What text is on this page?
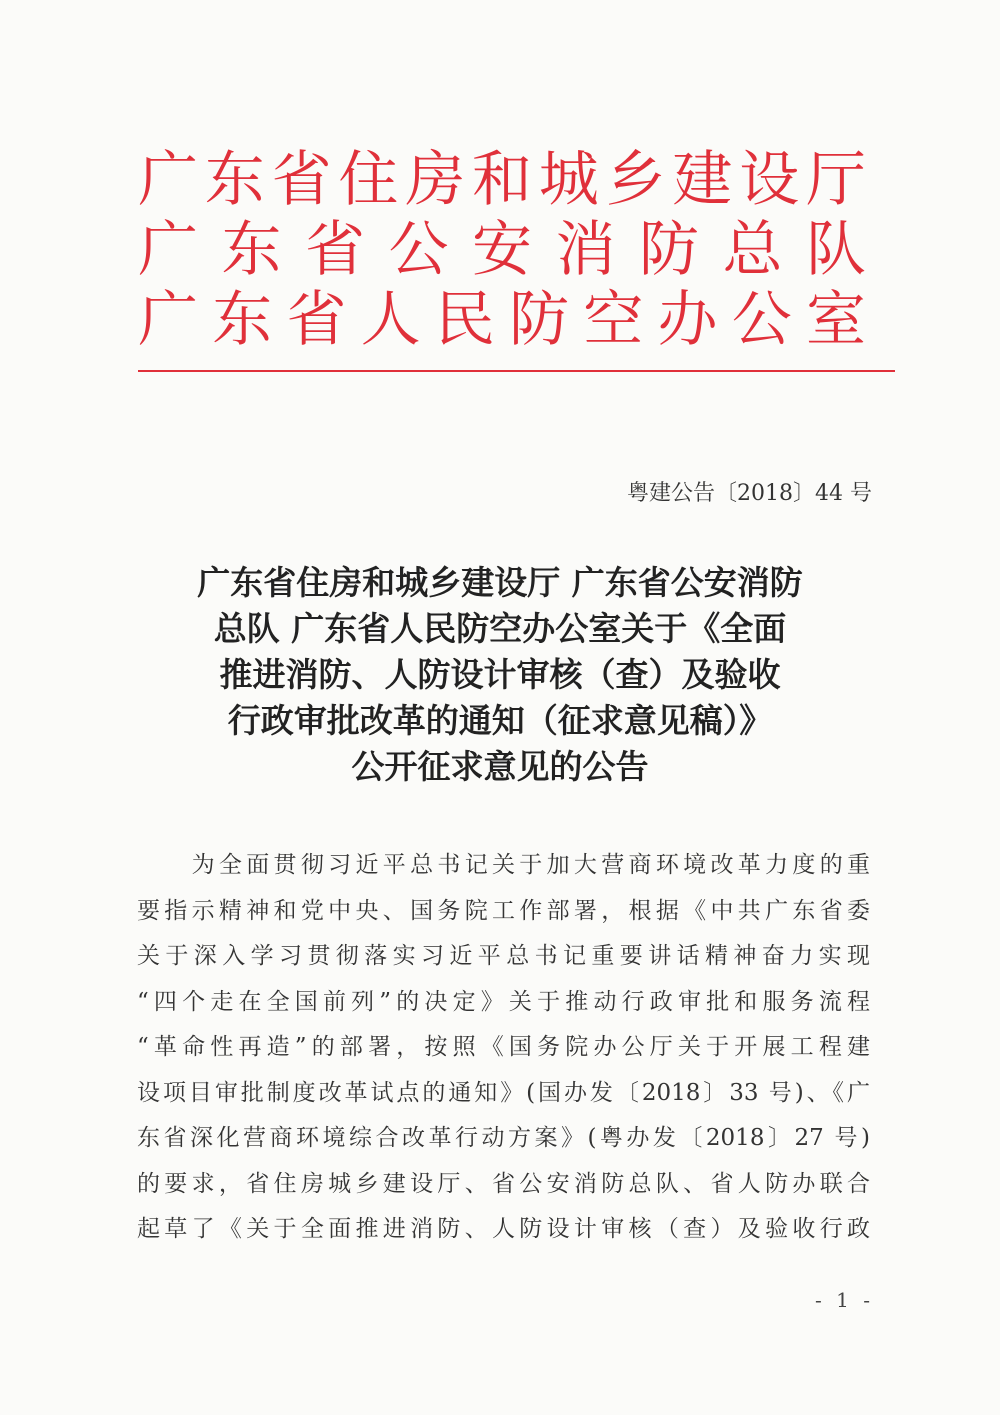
广东省住房和城乡建设厅
广东省公安消防总队
广东省人民防空办公室
粤建公告〔2018〕44 号
广东省住房和城乡建设厅 广东省公安消防
总队 广东省人民防空办公室关于《全面
推进消防、人防设计审核（查）及验收
行政审批改革的通知（征求意见稿）》
公开征求意见的公告
　　为全面贯彻习近平总书记关于加大营商环境改革力度的重
要指示精神和党中央、国务院工作部署，根据《中共广东省委
关于深入学习贯彻落实习近平总书记重要讲话精神奋力实现
“四个走在全国前列”的决定》关于推动行政审批和服务流程
“革命性再造”的部署，按照《国务院办公厅关于开展工程建
设项目审批制度改革试点的通知》(国办发〔2018〕33 号)、《广
东省深化营商环境综合改革行动方案》(粤办发〔2018〕27 号)
的要求，省住房城乡建设厅、省公安消防总队、省人防办联合
起草了《关于全面推进消防、人防设计审核（查）及验收行政
- 1 -
